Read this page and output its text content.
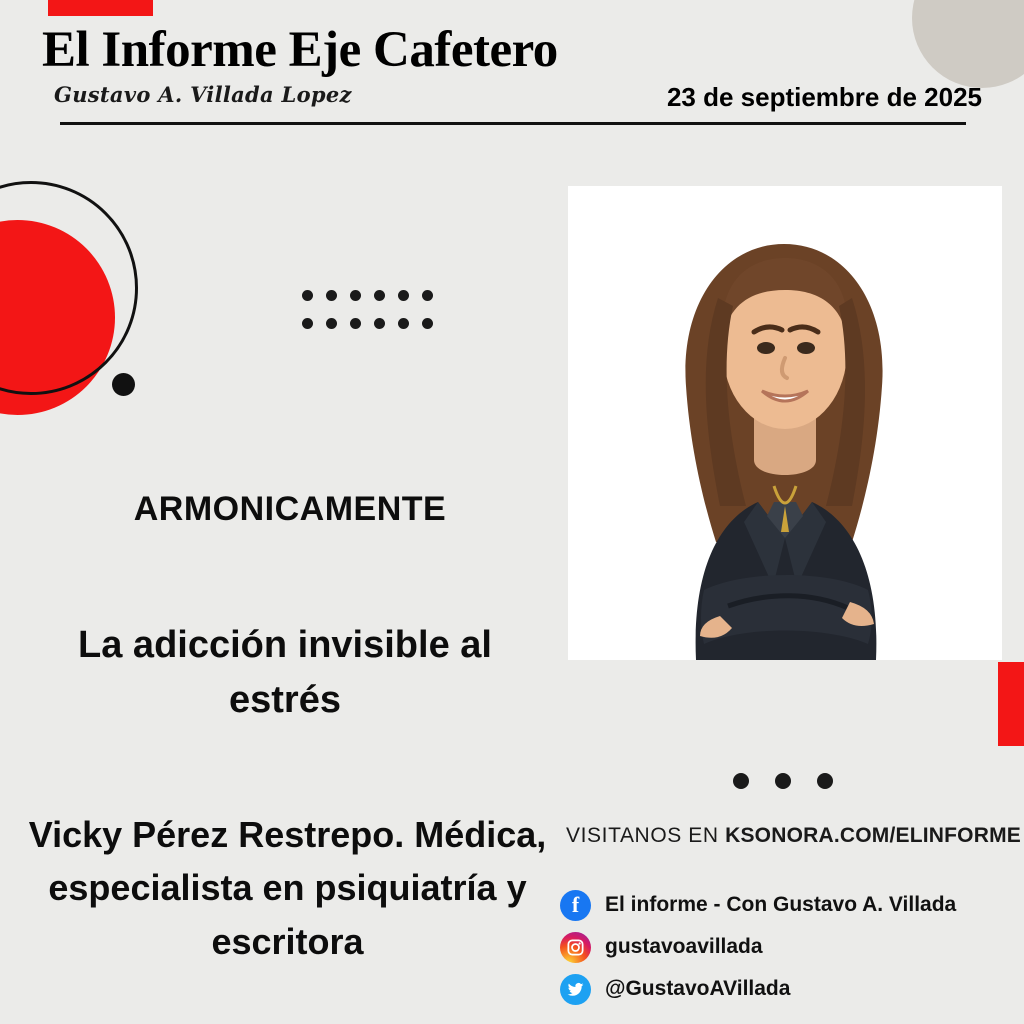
El Informe Eje Cafetero
Gustavo A. Villada Lopez	23 de septiembre de 2025
ARMONICAMENTE
La adicción invisible al estrés
Vicky Pérez Restrepo. Médica, especialista en psiquiatría y escritora
VISITANOS EN KSONORA.COM/ELINFORME
f	El informe - Con Gustavo A. Villada
gustavoavillada
@GustavoAVillada
